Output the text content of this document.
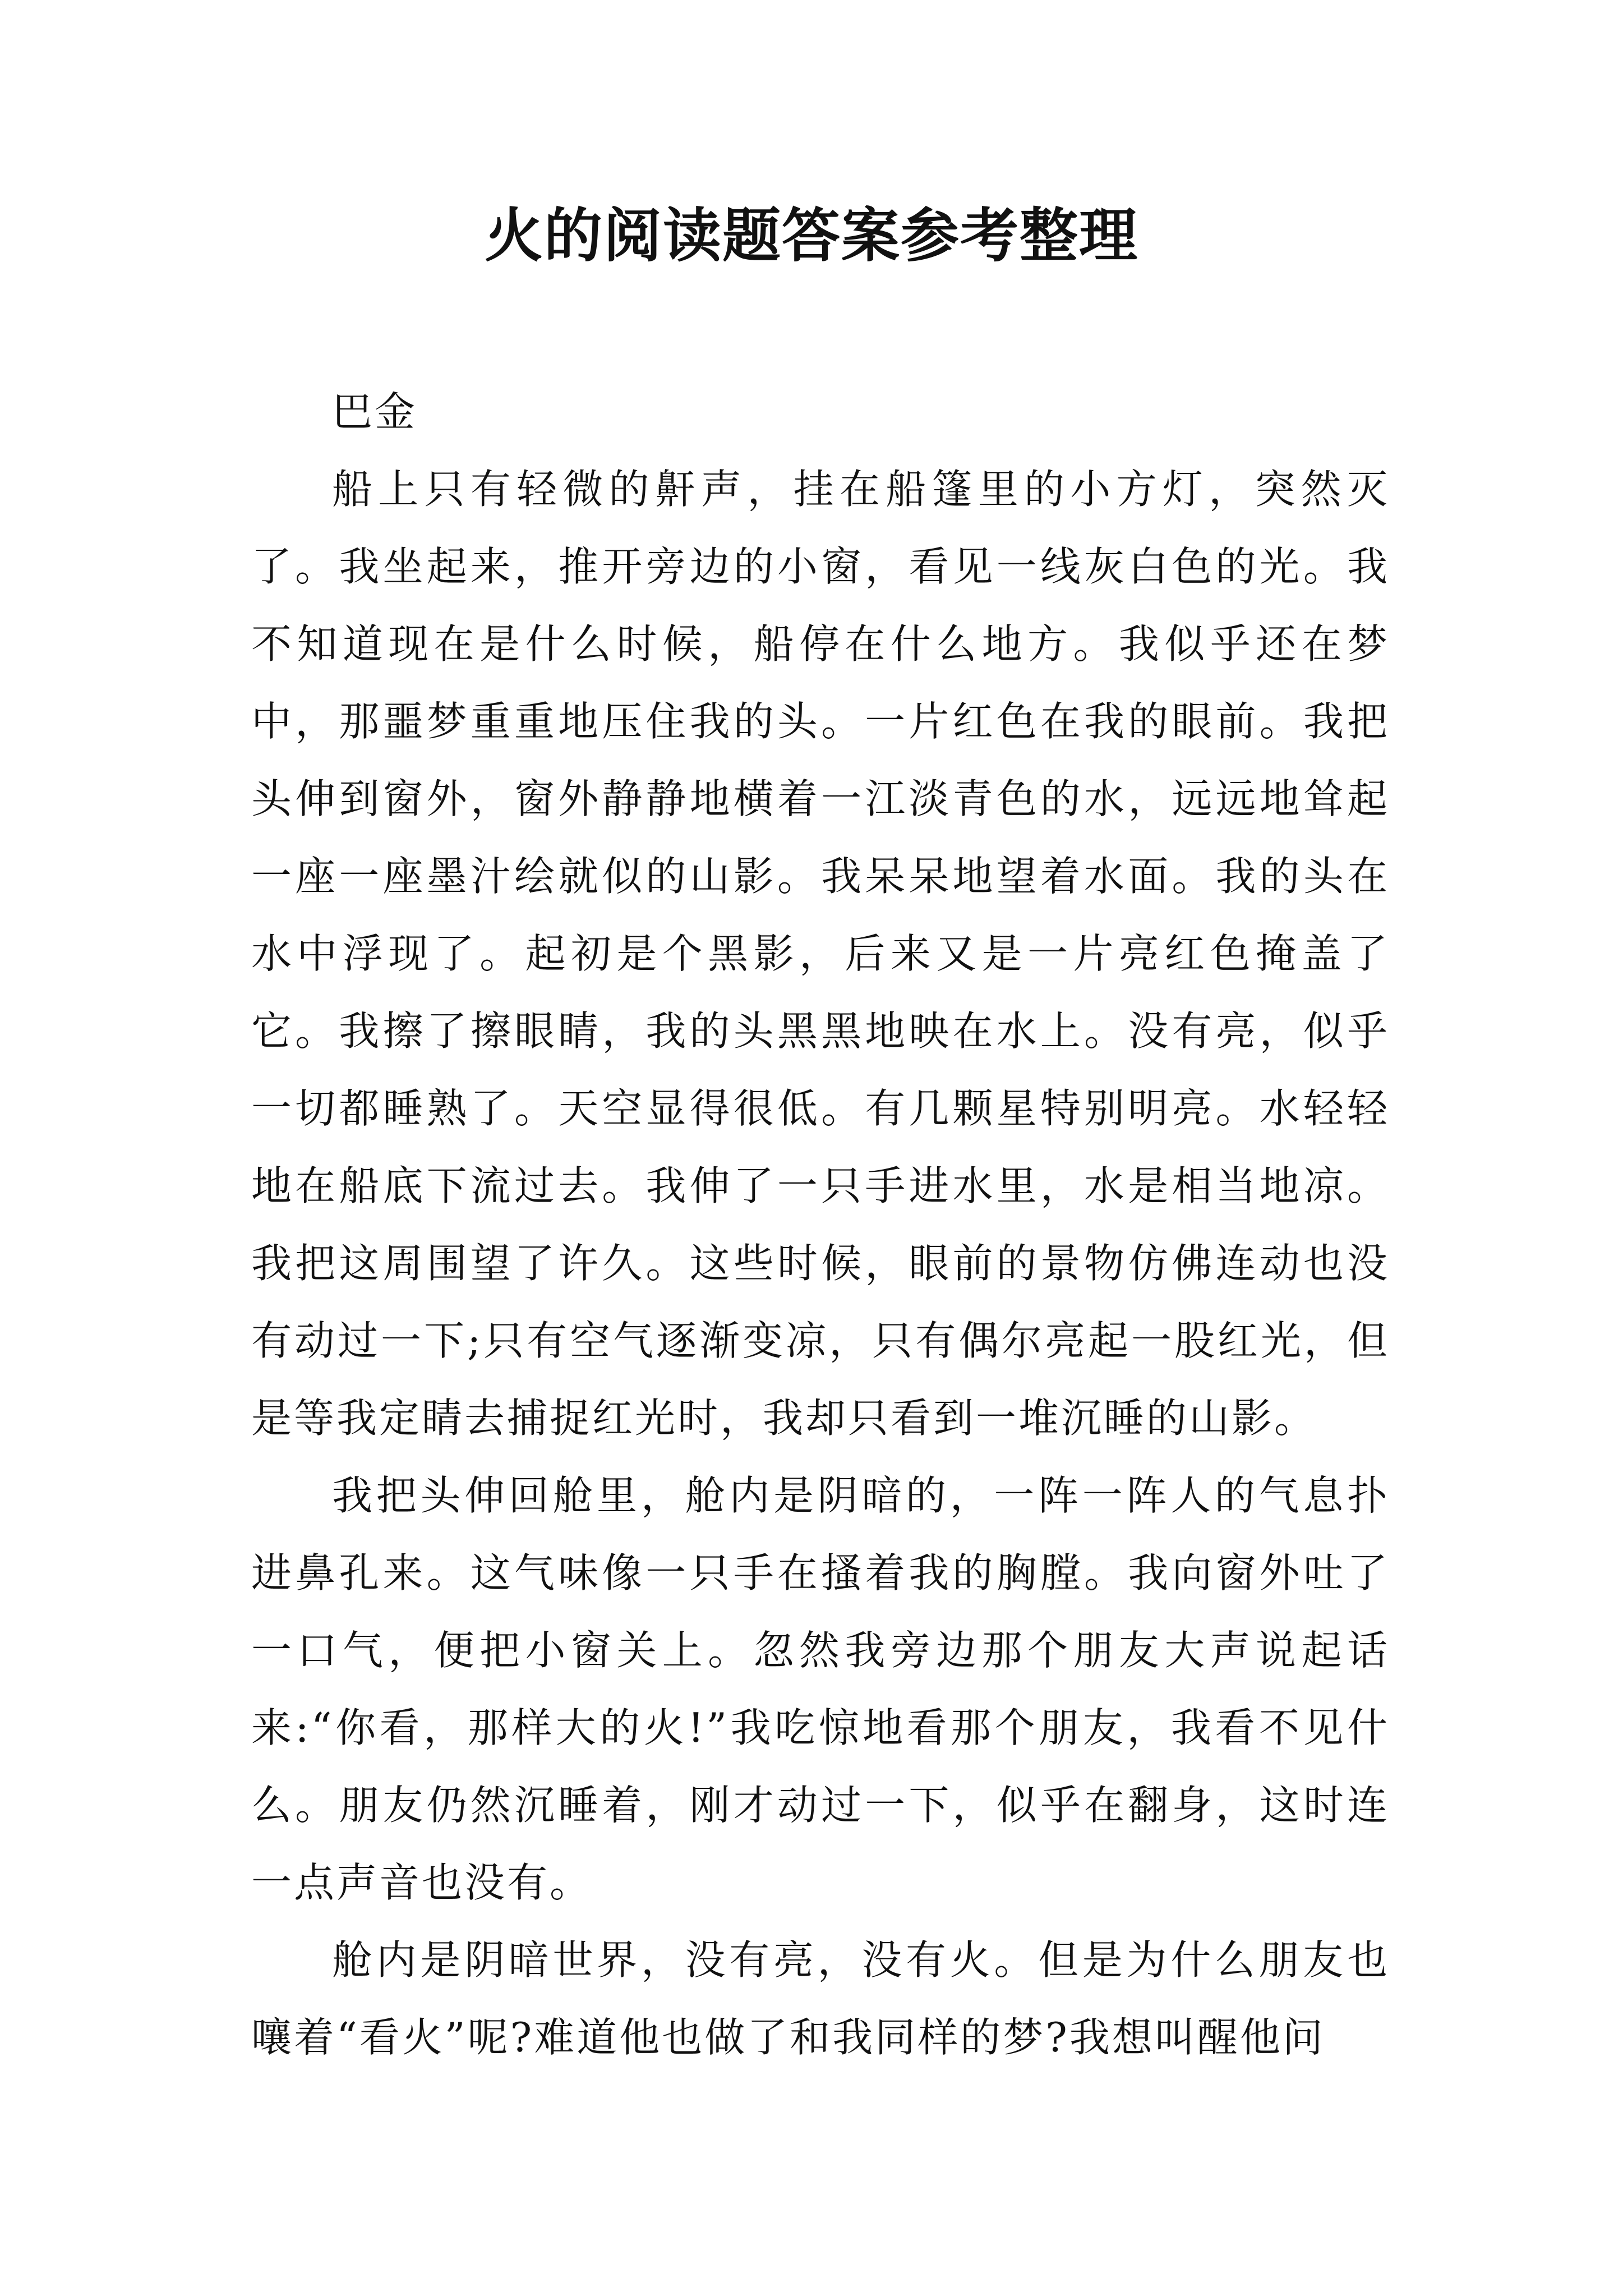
火的阅读题答案参考整理

巴金

船上只有轻微的鼾声，挂在船篷里的小方灯，突然灭了。我坐起来，推开旁边的小窗，看见一线灰白色的光。我不知道现在是什么时候，船停在什么地方。我似乎还在梦中，那噩梦重重地压住我的头。一片红色在我的眼前。我把头伸到窗外，窗外静静地横着一江淡青色的水，远远地耸起一座一座墨汁绘就似的山影。我呆呆地望着水面。我的头在水中浮现了。起初是个黑影，后来又是一片亮红色掩盖了它。我擦了擦眼睛，我的头黑黑地映在水上。没有亮，似乎一切都睡熟了。天空显得很低。有几颗星特别明亮。水轻轻地在船底下流过去。我伸了一只手进水里，水是相当地凉。我把这周围望了许久。这些时候，眼前的景物仿佛连动也没有动过一下;只有空气逐渐变凉，只有偶尔亮起一股红光，但是等我定睛去捕捉红光时，我却只看到一堆沉睡的山影。

我把头伸回舱里，舱内是阴暗的，一阵一阵人的气息扑进鼻孔来。这气味像一只手在搔着我的胸膛。我向窗外吐了一口气，便把小窗关上。忽然我旁边那个朋友大声说起话来:“你看，那样大的火!”我吃惊地看那个朋友，我看不见什么。朋友仍然沉睡着，刚才动过一下，似乎在翻身，这时连一点声音也没有。

舱内是阴暗世界，没有亮，没有火。但是为什么朋友也嚷着“看火”呢?难道他也做了和我同样的梦?我想叫醒他问
